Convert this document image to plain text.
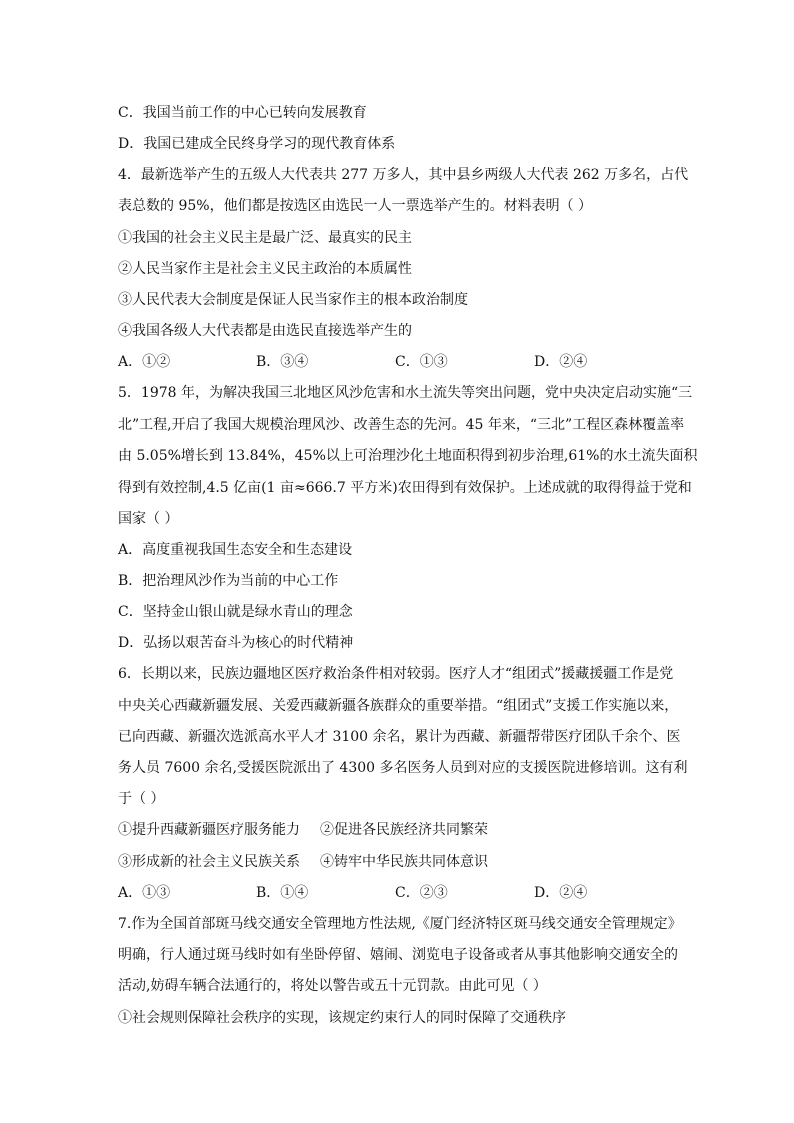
C．我国当前工作的中心已转向发展教育
D．我国已建成全民终身学习的现代教育体系
4．最新选举产生的五级人大代表共 277 万多人，其中县乡两级人大代表 262 万多名，占代
表总数的 95%，他们都是按选区由选民一人一票选举产生的。材料表明（ ）
①我国的社会主义民主是最广泛、最真实的民主
②人民当家作主是社会主义民主政治的本质属性
③人民代表大会制度是保证人民当家作主的根本政治制度
④我国各级人大代表都是由选民直接选举产生的
A．①②	B．③④	C．①③	D．②④
5．1978 年，为解决我国三北地区风沙危害和水土流失等突出问题，党中央决定启动实施“三
北”工程,开启了我国大规模治理风沙、改善生态的先河。45 年来，“三北”工程区森林覆盖率
由 5.05%增长到 13.84%，45%以上可治理沙化土地面积得到初步治理,61%的水土流失面积
得到有效控制,4.5 亿亩(1 亩≈666.7 平方米)农田得到有效保护。上述成就的取得得益于党和
国家（ ）
A．高度重视我国生态安全和生态建设
B．把治理风沙作为当前的中心工作
C．坚持金山银山就是绿水青山的理念
D．弘扬以艰苦奋斗为核心的时代精神
6．长期以来，民族边疆地区医疗救治条件相对较弱。医疗人才“组团式”援藏援疆工作是党
中央关心西藏新疆发展、关爱西藏新疆各族群众的重要举措。“组团式”支援工作实施以来，
已向西藏、新疆次选派高水平人才 3100 余名，累计为西藏、新疆帮带医疗团队千余个、医
务人员 7600 余名,受援医院派出了 4300 多名医务人员到对应的支援医院进修培训。这有利
于（ ）
①提升西藏新疆医疗服务能力 ②促进各民族经济共同繁荣
③形成新的社会主义民族关系 ④铸牢中华民族共同体意识
A．①③	B．①④	C．②③	D．②④
7.作为全国首部斑马线交通安全管理地方性法规,《厦门经济特区斑马线交通安全管理规定》
明确，行人通过斑马线时如有坐卧停留、嬉闹、浏览电子设备或者从事其他影响交通安全的
活动,妨碍车辆合法通行的，将处以警告或五十元罚款。由此可见（ ）
①社会规则保障社会秩序的实现，该规定约束行人的同时保障了交通秩序
